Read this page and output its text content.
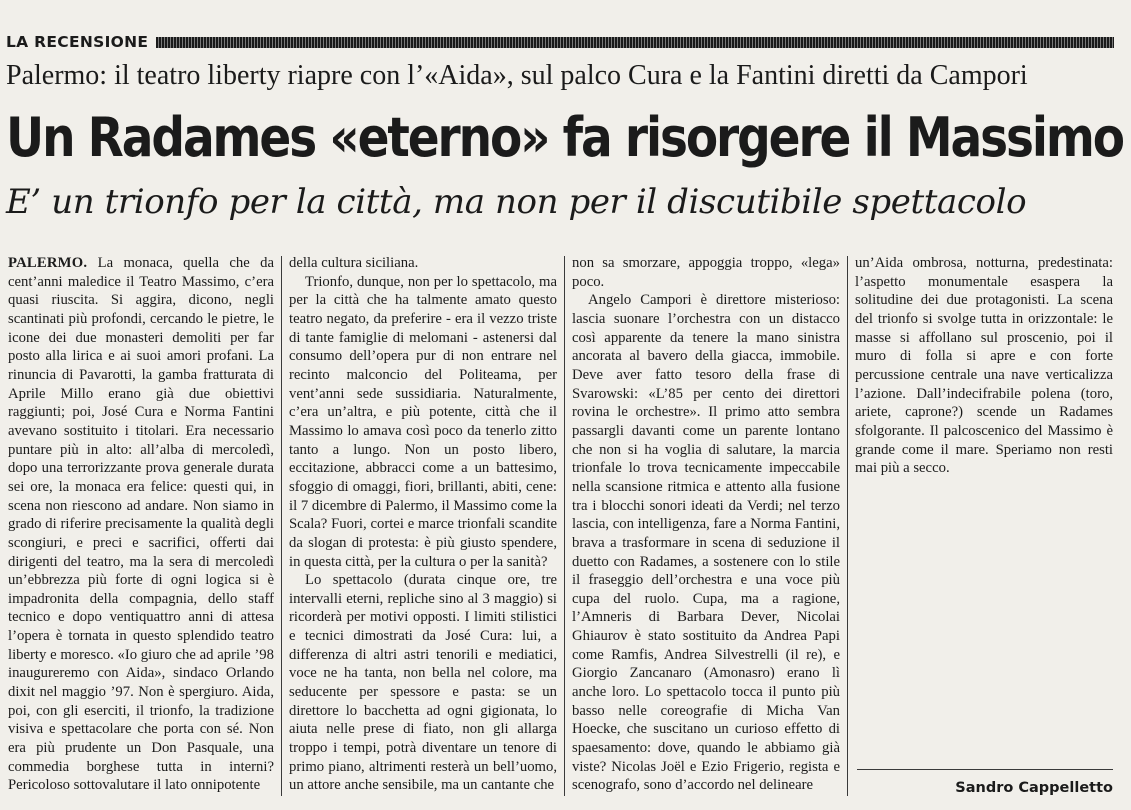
LA RECENSIONE
Palermo: il teatro liberty riapre con l’«Aida», sul palco Cura e la Fantini diretti da Campori
Un Radames «eterno» fa risorgere il Massimo
E’ un trionfo per la città, ma non per il discutibile spettacolo

PALERMO. La monaca, quella che da cent’anni maledice il Teatro Massimo, c’era quasi riuscita. Si aggira, dicono, negli scantinati più profondi, cercando le pietre, le icone dei due monasteri demoliti per far posto alla lirica e ai suoi amori profani. La rinuncia di Pavarotti, la gamba fratturata di Aprile Millo erano già due obiettivi raggiunti; poi, José Cura e Norma Fantini avevano sostituito i titolari. Era necessario puntare più in alto: all’alba di mercoledì, dopo una terrorizzante prova generale durata sei ore, la monaca era felice: questi qui, in scena non riescono ad andare. Non siamo in grado di riferire precisamente la qualità degli scongiuri, e preci e sacrifici, offerti dai dirigenti del teatro, ma la sera di mercoledì un’ebbrezza più forte di ogni logica si è impadronita della compagnia, dello staff tecnico e dopo ventiquattro anni di attesa l’opera è tornata in questo splendido teatro liberty e moresco. «Io giuro che ad aprile ’98 inaugureremo con Aida», sindaco Orlando dixit nel maggio ’97. Non è spergiuro. Aida, poi, con gli eserciti, il trionfo, la tradizione visiva e spettacolare che porta con sé. Non era più prudente un Don Pasquale, una commedia borghese tutta in interni? Pericoloso sottovalutare il lato onnipotente

della cultura siciliana.

Trionfo, dunque, non per lo spettacolo, ma per la città che ha talmente amato questo teatro negato, da preferire - era il vezzo triste di tante famiglie di melomani - astenersi dal consumo dell’opera pur di non entrare nel recinto malconcio del Politeama, per vent’anni sede sussidiaria. Naturalmente, c’era un’altra, e più potente, città che il Massimo lo amava così poco da tenerlo zitto tanto a lungo. Non un posto libero, eccitazione, abbracci come a un battesimo, sfoggio di omaggi, fiori, brillanti, abiti, cene: il 7 dicembre di Palermo, il Massimo come la Scala? Fuori, cortei e marce trionfali scandite da slogan di protesta: è più giusto spendere, in questa città, per la cultura o per la sanità?

Lo spettacolo (durata cinque ore, tre intervalli eterni, repliche sino al 3 maggio) si ricorderà per motivi opposti. I limiti stilistici e tecnici dimostrati da José Cura: lui, a differenza di altri astri tenorili e mediatici, voce ne ha tanta, non bella nel colore, ma seducente per spessore e pasta: se un direttore lo bacchetta ad ogni gigionata, lo aiuta nelle prese di fiato, non gli allarga troppo i tempi, potrà diventare un tenore di primo piano, altrimenti resterà un bell’uomo, un attore anche sensibile, ma un cantante che

non sa smorzare, appoggia troppo, «lega» poco.

Angelo Campori è direttore misterioso: lascia suonare l’orchestra con un distacco così apparente da tenere la mano sinistra ancorata al bavero della giacca, immobile. Deve aver fatto tesoro della frase di Svarowski: «L’85 per cento dei direttori rovina le orchestre». Il primo atto sembra passargli davanti come un parente lontano che non si ha voglia di salutare, la marcia trionfale lo trova tecnicamente impeccabile nella scansione ritmica e attento alla fusione tra i blocchi sonori ideati da Verdi; nel terzo lascia, con intelligenza, fare a Norma Fantini, brava a trasformare in scena di seduzione il duetto con Radames, a sostenere con lo stile il fraseggio dell’orchestra e una voce più cupa del ruolo. Cupa, ma a ragione, l’Amneris di Barbara Dever, Nicolai Ghiaurov è stato sostituito da Andrea Papi come Ramfis, Andrea Silvestrelli (il re), e Giorgio Zancanaro (Amonasro) erano lì anche loro. Lo spettacolo tocca il punto più basso nelle coreografie di Micha Van Hoecke, che suscitano un curioso effetto di spaesamento: dove, quando le abbiamo già viste? Nicolas Joël e Ezio Frigerio, regista e scenografo, sono d’accordo nel delineare

un’Aida ombrosa, notturna, predestinata: l’aspetto monumentale esaspera la solitudine dei due protagonisti. La scena del trionfo si svolge tutta in orizzontale: le masse si affollano sul proscenio, poi il muro di folla si apre e con forte percussione centrale una nave verticalizza l’azione. Dall’indecifrabile polena (toro, ariete, caprone?) scende un Radames sfolgorante. Il palcoscenico del Massimo è grande come il mare. Speriamo non resti mai più a secco.

Sandro Cappelletto
